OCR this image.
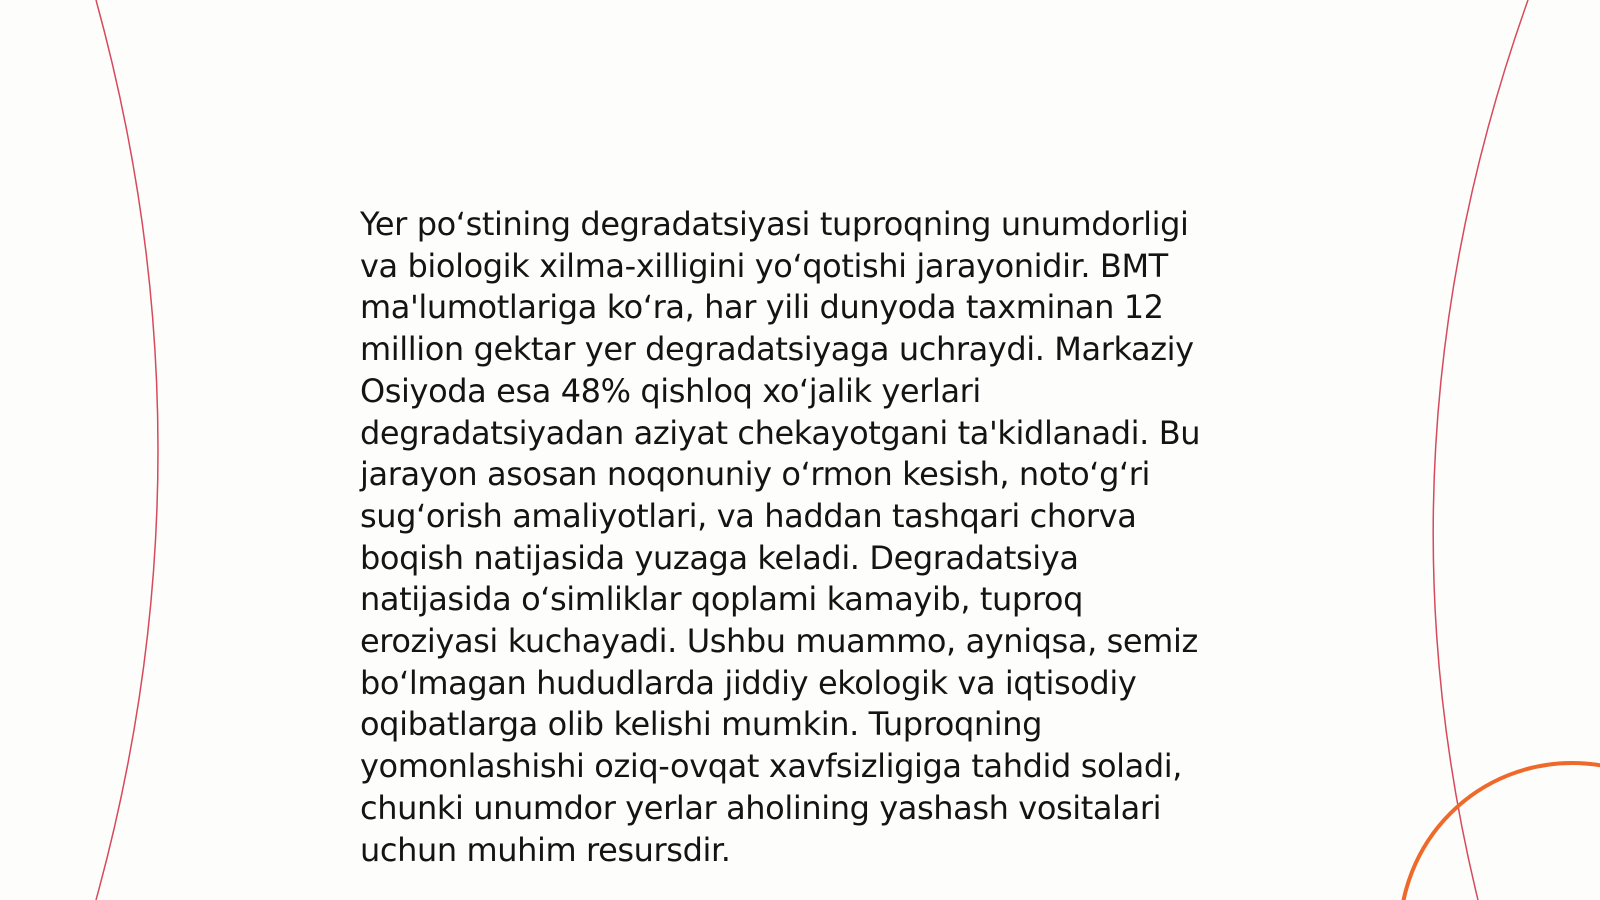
Yer po‘stining degradatsiyasi tuproqning unumdorligi
va biologik xilma-xilligini yo‘qotishi jarayonidir. BMT
ma'lumotlariga ko‘ra, har yili dunyoda taxminan 12
million gektar yer degradatsiyaga uchraydi. Markaziy
Osiyoda esa 48% qishloq xo‘jalik yerlari
degradatsiyadan aziyat chekayotgani ta'kidlanadi. Bu
jarayon asosan noqonuniy o‘rmon kesish, noto‘g‘ri
sug‘orish amaliyotlari, va haddan tashqari chorva
boqish natijasida yuzaga keladi. Degradatsiya
natijasida o‘simliklar qoplami kamayib, tuproq
eroziyasi kuchayadi. Ushbu muammo, ayniqsa, semiz
bo‘lmagan hududlarda jiddiy ekologik va iqtisodiy
oqibatlarga olib kelishi mumkin. Tuproqning
yomonlashishi oziq-ovqat xavfsizligiga tahdid soladi,
chunki unumdor yerlar aholining yashash vositalari
uchun muhim resursdir.
